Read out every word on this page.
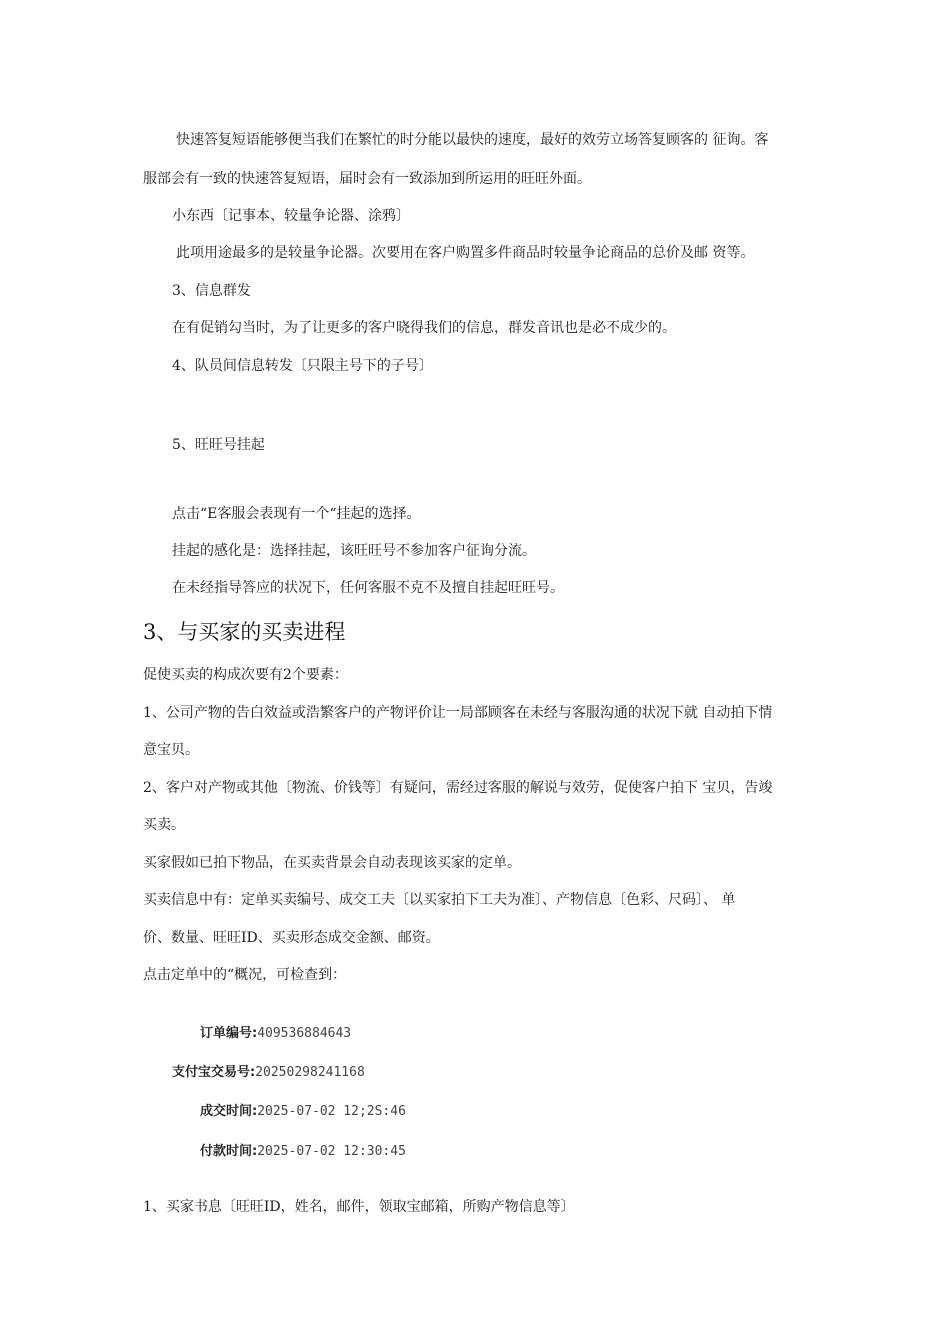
快速答复短语能够便当我们在繁忙的时分能以最快的速度，最好的效劳立场答复顾客的 征询。客
服部会有一致的快速答复短语，届时会有一致添加到所运用的旺旺外面。
小东西〔记事本、较量争论器、涂鸦〕
此项用途最多的是较量争论器。次要用在客户购置多件商品时较量争论商品的总价及邮 资等。
3、信息群发
在有促销勾当时，为了让更多的客户晓得我们的信息，群发音讯也是必不成少的。
4、队员间信息转发〔只限主号下的子号〕
5、旺旺号挂起
点击“E客服会表现有一个“挂起的选择。
挂起的感化是：选择挂起，该旺旺号不参加客户征询分流。
在未经指导答应的状况下，任何客服不克不及擅自挂起旺旺号。
3、与买家的买卖进程
促使买卖的构成次要有2个要素：
1、公司产物的告白效益或浩繁客户的产物评价让一局部顾客在未经与客服沟通的状况下就 自动拍下情
意宝贝。
2、客户对产物或其他〔物流、价钱等〕有疑问，需经过客服的解说与效劳，促使客户拍下 宝贝，告竣
买卖。
买家假如已拍下物品，在买卖背景会自动表现该买家的定单。
买卖信息中有：定单买卖编号、成交工夫〔以买家拍下工夫为准〕、产物信息〔色彩、尺码〕、 单
价、数量、旺旺ID、买卖形态成交金额、邮资。
点击定单中的“概况，可检查到：
订单编号:409536884643
支付宝交易号:20250298241168
成交时间:2025-07-02 12;2S:46
付款时间:2025-07-02 12:30:45
1、买家书息〔旺旺ID，姓名，邮件，领取宝邮箱，所购产物信息等〕
